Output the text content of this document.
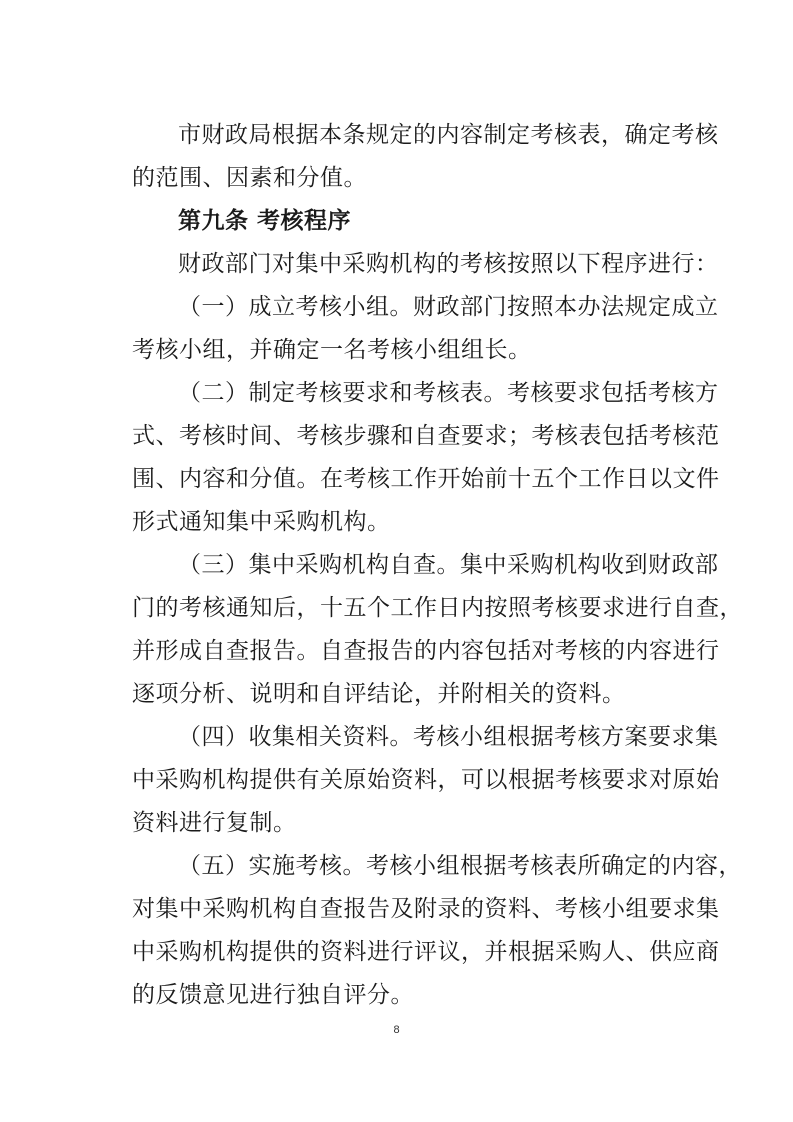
市财政局根据本条规定的内容制定考核表，确定考核
的范围、因素和分值。
第九条 考核程序
财政部门对集中采购机构的考核按照以下程序进行：
（一）成立考核小组。财政部门按照本办法规定成立
考核小组，并确定一名考核小组组长。
（二）制定考核要求和考核表。考核要求包括考核方
式、考核时间、考核步骤和自查要求；考核表包括考核范
围、内容和分值。在考核工作开始前十五个工作日以文件
形式通知集中采购机构。
（三）集中采购机构自查。集中采购机构收到财政部
门的考核通知后，十五个工作日内按照考核要求进行自查，
并形成自查报告。自查报告的内容包括对考核的内容进行
逐项分析、说明和自评结论，并附相关的资料。
（四）收集相关资料。考核小组根据考核方案要求集
中采购机构提供有关原始资料，可以根据考核要求对原始
资料进行复制。
（五）实施考核。考核小组根据考核表所确定的内容，
对集中采购机构自查报告及附录的资料、考核小组要求集
中采购机构提供的资料进行评议，并根据采购人、供应商
的反馈意见进行独自评分。
8
